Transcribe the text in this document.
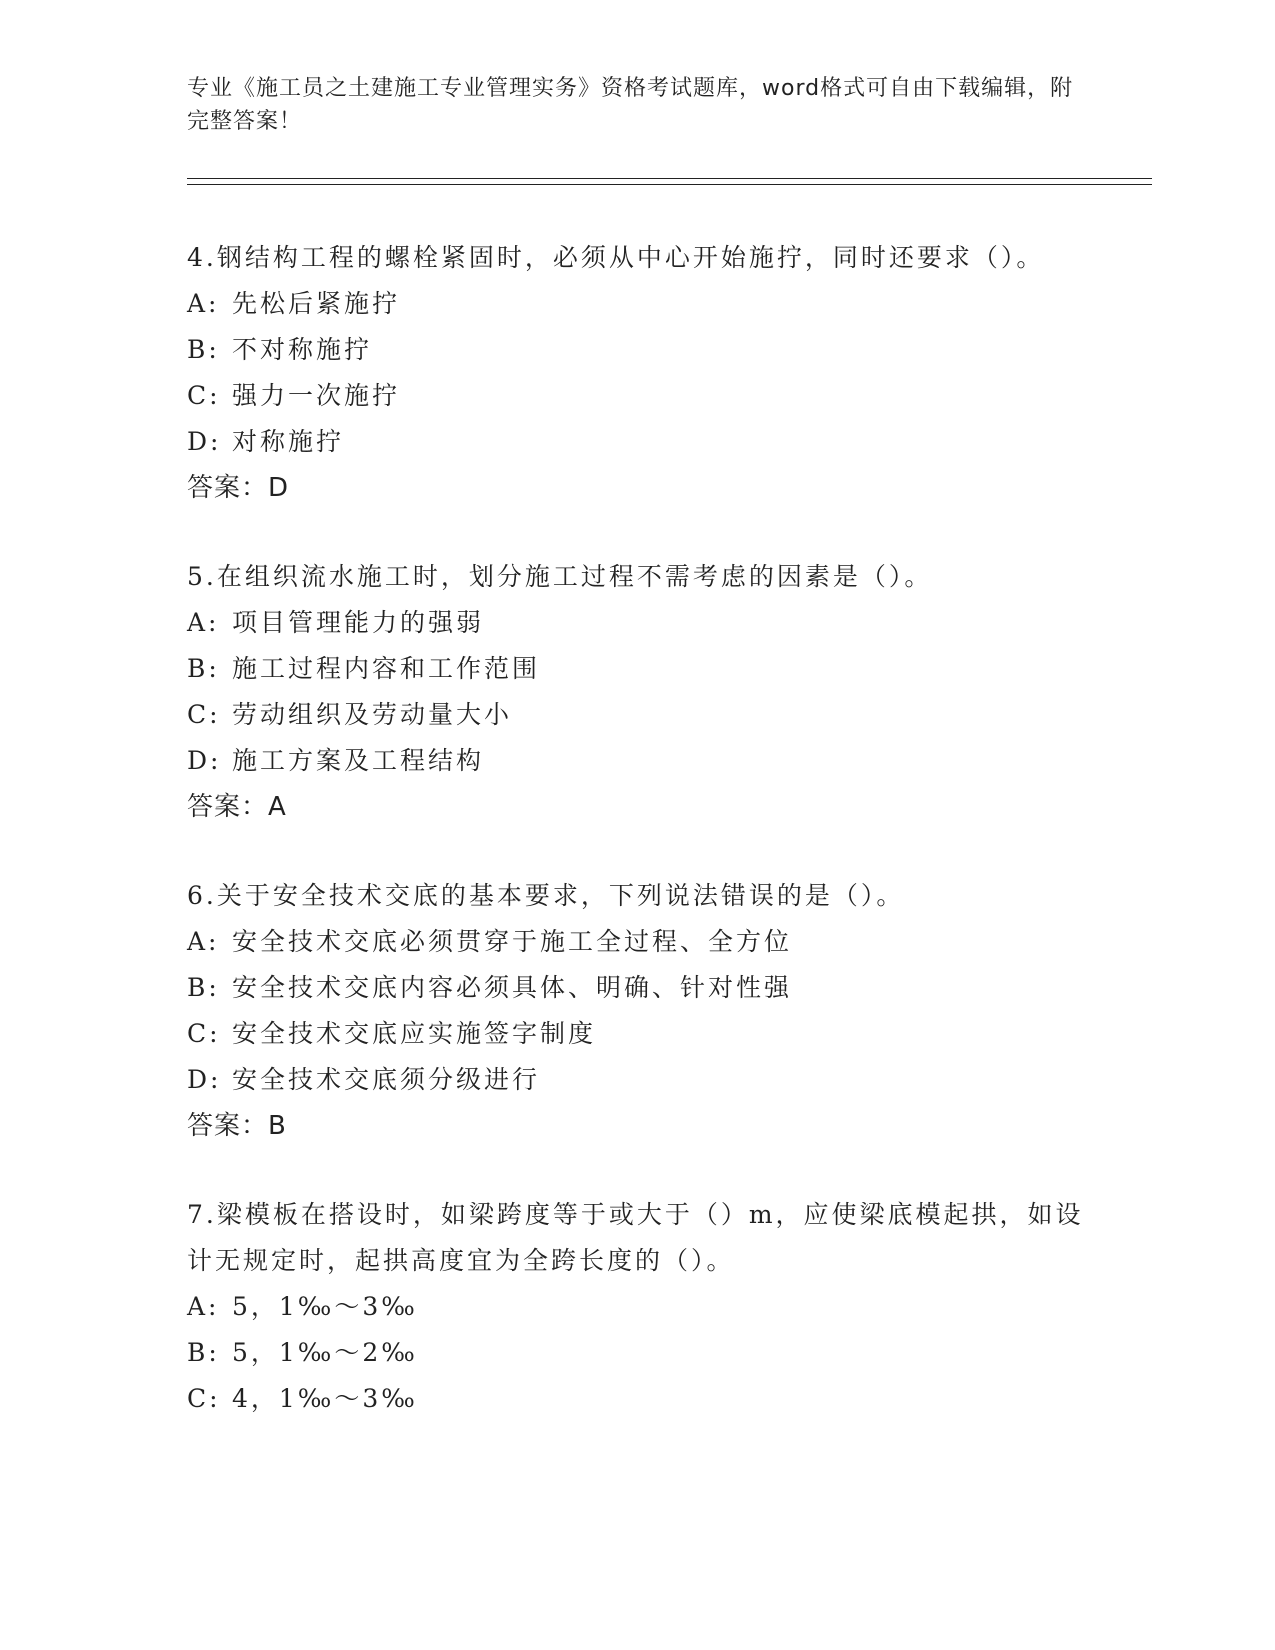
专业《施工员之土建施工专业管理实务》资格考试题库，word格式可自由下载编辑，附完整答案！
4.钢结构工程的螺栓紧固时，必须从中心开始施拧，同时还要求（）。
A: 先松后紧施拧
B: 不对称施拧
C: 强力一次施拧
D: 对称施拧
答案：D
5.在组织流水施工时，划分施工过程不需考虑的因素是（）。
A: 项目管理能力的强弱
B: 施工过程内容和工作范围
C: 劳动组织及劳动量大小
D: 施工方案及工程结构
答案：A
6.关于安全技术交底的基本要求，下列说法错误的是（）。
A: 安全技术交底必须贯穿于施工全过程、全方位
B: 安全技术交底内容必须具体、明确、针对性强
C: 安全技术交底应实施签字制度
D: 安全技术交底须分级进行
答案：B
7.梁模板在搭设时，如梁跨度等于或大于（）m，应使梁底模起拱，如设计无规定时，起拱高度宜为全跨长度的（）。
A: 5，1‰～3‰
B: 5，1‰～2‰
C: 4，1‰～3‰
